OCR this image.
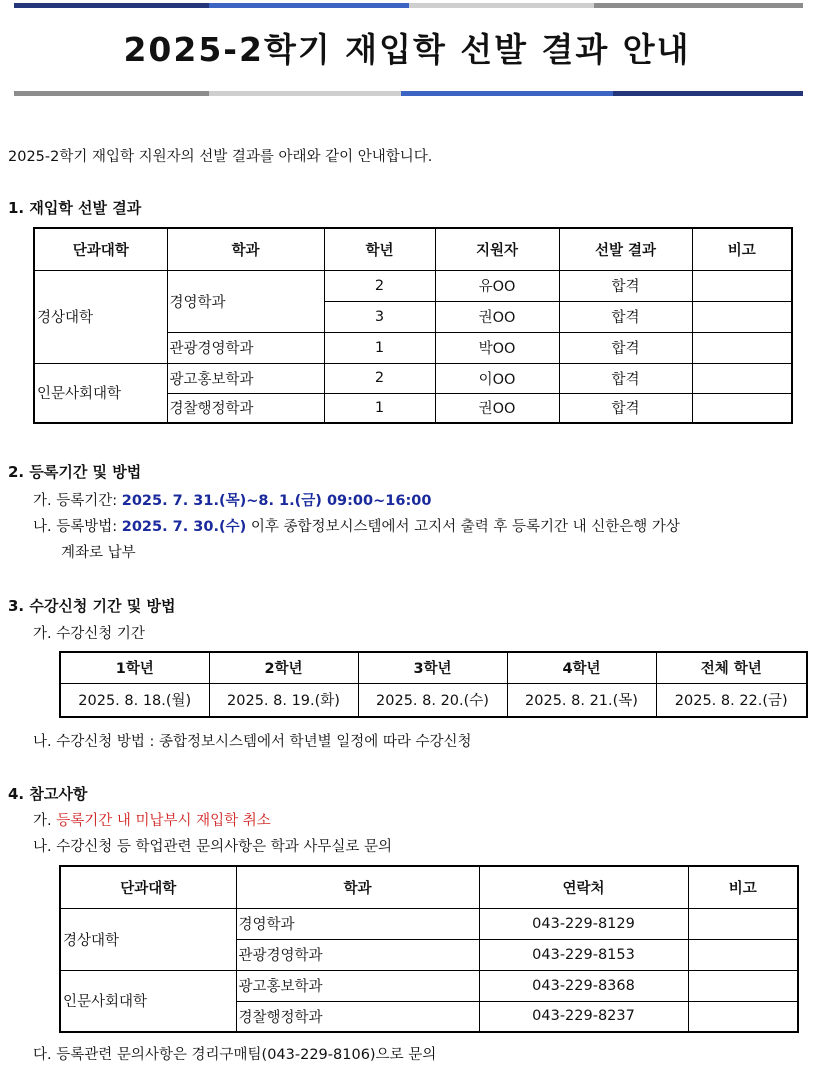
2025-2학기 재입학 선발 결과 안내
2025-2학기 재입학 지원자의 선발 결과를 아래와 같이 안내합니다.
1. 재입학 선발 결과
단과대학	학과	학년	지원자	선발 결과	비고
경상대학	경영학과	2	유OO	합격	
		3	권OO	합격	
	관광경영학과	1	박OO	합격	
인문사회대학	광고홍보학과	2	이OO	합격	
	경찰행정학과	1	권OO	합격	
2. 등록기간 및 방법
가. 등록기간: 2025. 7. 31.(목)~8. 1.(금) 09:00~16:00
나. 등록방법: 2025. 7. 30.(수) 이후 종합정보시스템에서 고지서 출력 후 등록기간 내 신한은행 가상
계좌로 납부
3. 수강신청 기간 및 방법
가. 수강신청 기간
1학년	2학년	3학년	4학년	전체 학년
2025. 8. 18.(월)	2025. 8. 19.(화)	2025. 8. 20.(수)	2025. 8. 21.(목)	2025. 8. 22.(금)
나. 수강신청 방법 : 종합정보시스템에서 학년별 일정에 따라 수강신청
4. 참고사항
가. 등록기간 내 미납부시 재입학 취소
나. 수강신청 등 학업관련 문의사항은 학과 사무실로 문의
단과대학	학과	연락처	비고
경상대학	경영학과	043-229-8129	
	관광경영학과	043-229-8153	
인문사회대학	광고홍보학과	043-229-8368	
	경찰행정학과	043-229-8237	
다. 등록관련 문의사항은 경리구매팀(043-229-8106)으로 문의
